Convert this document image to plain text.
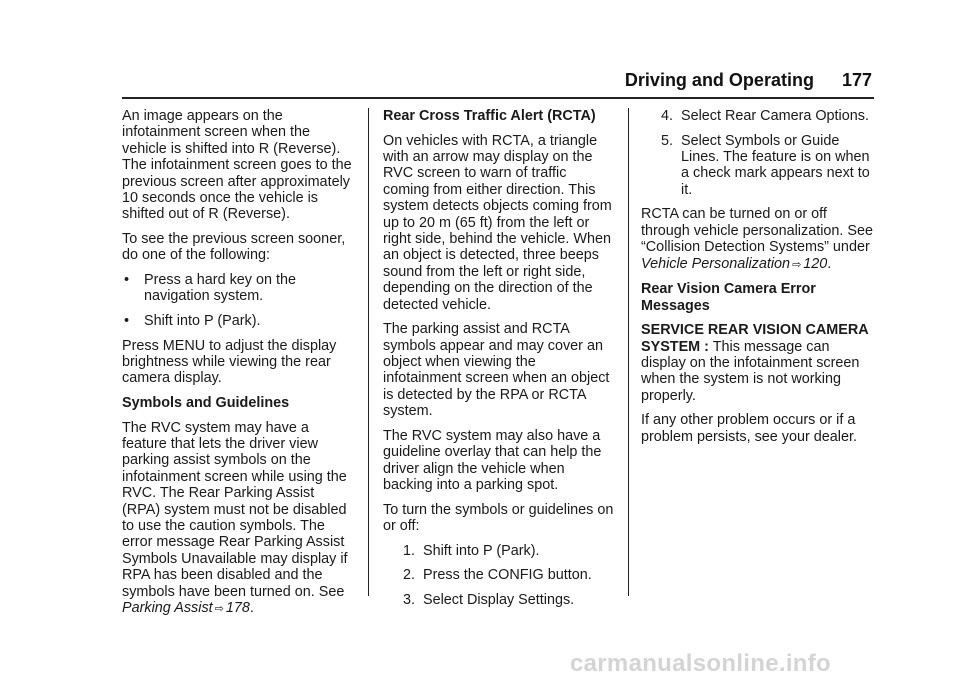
Driving and Operating 177

An image appears on the infotainment screen when the vehicle is shifted into R (Reverse). The infotainment screen goes to the previous screen after approximately 10 seconds once the vehicle is shifted out of R (Reverse).

To see the previous screen sooner, do one of the following:

• Press a hard key on the navigation system.
• Shift into P (Park).

Press MENU to adjust the display brightness while viewing the rear camera display.

Symbols and Guidelines

The RVC system may have a feature that lets the driver view parking assist symbols on the infotainment screen while using the RVC. The Rear Parking Assist (RPA) system must not be disabled to use the caution symbols. The error message Rear Parking Assist Symbols Unavailable may display if RPA has been disabled and the symbols have been turned on. See Parking Assist ⇨ 178.

Rear Cross Traffic Alert (RCTA)

On vehicles with RCTA, a triangle with an arrow may display on the RVC screen to warn of traffic coming from either direction. This system detects objects coming from up to 20 m (65 ft) from the left or right side, behind the vehicle. When an object is detected, three beeps sound from the left or right side, depending on the direction of the detected vehicle.

The parking assist and RCTA symbols appear and may cover an object when viewing the infotainment screen when an object is detected by the RPA or RCTA system.

The RVC system may also have a guideline overlay that can help the driver align the vehicle when backing into a parking spot.

To turn the symbols or guidelines on or off:

1. Shift into P (Park).
2. Press the CONFIG button.
3. Select Display Settings.
4. Select Rear Camera Options.
5. Select Symbols or Guide Lines. The feature is on when a check mark appears next to it.

RCTA can be turned on or off through vehicle personalization. See “Collision Detection Systems” under Vehicle Personalization ⇨ 120.

Rear Vision Camera Error Messages

SERVICE REAR VISION CAMERA SYSTEM : This message can display on the infotainment screen when the system is not working properly.

If any other problem occurs or if a problem persists, see your dealer.

carmanualsonline.info
